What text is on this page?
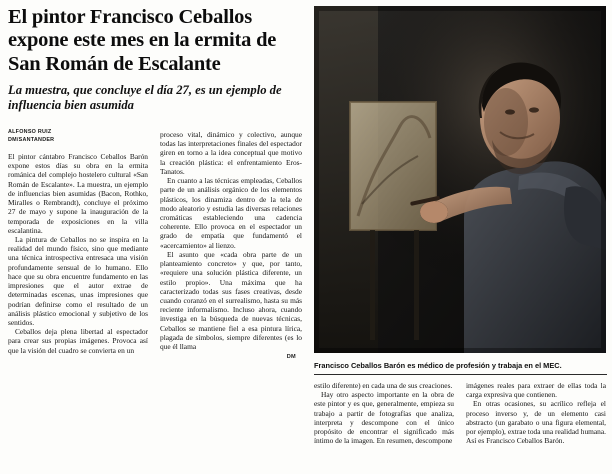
El pintor Francisco Ceballos expone este mes en la ermita de San Román de Escalante
La muestra, que concluye el día 27, es un ejemplo de influencia bien asumida
ALFONSO RUIZ
DM/SANTANDER
DM
Francisco Ceballos Barón es médico de profesión y trabaja en el MEC.

El pintor cántabro Francisco Ceballos Barón expone estos días su obra en la ermita románica del complejo hostelero cultural «San Román de Escalante». La muestra, un ejemplo de influencias bien asumidas (Bacon, Rothko, Miralles o Rembrandt), concluye el próximo 27 de mayo y supone la inauguración de la temporada de exposiciones en la villa escalantina.

La pintura de Ceballos no se inspira en la realidad del mundo físico, sino que mediante una técnica introspectiva entresaca una visión profundamente sensual de lo humano. Ello hace que su obra encuentre fundamento en las impresiones que el autor extrae de determinadas escenas, unas impresiones que podrían definirse como el resultado de un análisis plástico emocional y subjetivo de los sentidos.

Ceballos deja plena libertad al espectador para crear sus propias imágenes. Provoca así que la visión del cuadro se convierta en un

proceso vital, dinámico y colectivo, aunque todas las interpretaciones finales del espectador giren en torno a la idea conceptual que motivo la creación plástica: el enfrentamiento Eros-Tanatos.

En cuanto a las técnicas empleadas, Ceballos parte de un análisis orgánico de los elementos plásticos, los dinamiza dentro de la tela de modo aleatorio y estudia las diversas relaciones cromáticas estableciendo una cadencia coherente. Ello provoca en el espectador un grado de empatía que fundamentó el «acercamiento» al lienzo.

El asunto que «cada obra parte de un planteamiento concreto» y que, por tanto, «requiere una solución plástica diferente, un estilo propio». Una máxima que ha caracterizado todas sus fases creativas, desde cuando coranzó en el surrealismo, hasta su más reciente informalismo. Incluso ahora, cuando investiga en la búsqueda de nuevas técnicas, Ceballos se mantiene fiel a esa pintura lírica, plagada de símbolos, siempre diferentes (es lo que él llama

estilo diferente) en cada una de sus creaciones.

Hay otro aspecto importante en la obra de este pintor y es que, generalmente, empieza su trabajo a partir de fotografías que analiza, interpreta y descompone con el único propósito de encontrar el significado más íntimo de la imagen. En resumen, descompone

imágenes reales para extraer de ellas toda la carga expresiva que contienen.

En otras ocasiones, su acrílico refleja el proceso inverso y, de un elemento casi abstracto (un garabato o una figura elemental, por ejemplo), extrae toda una realidad humana. Así es Francisco Ceballos Barón.
